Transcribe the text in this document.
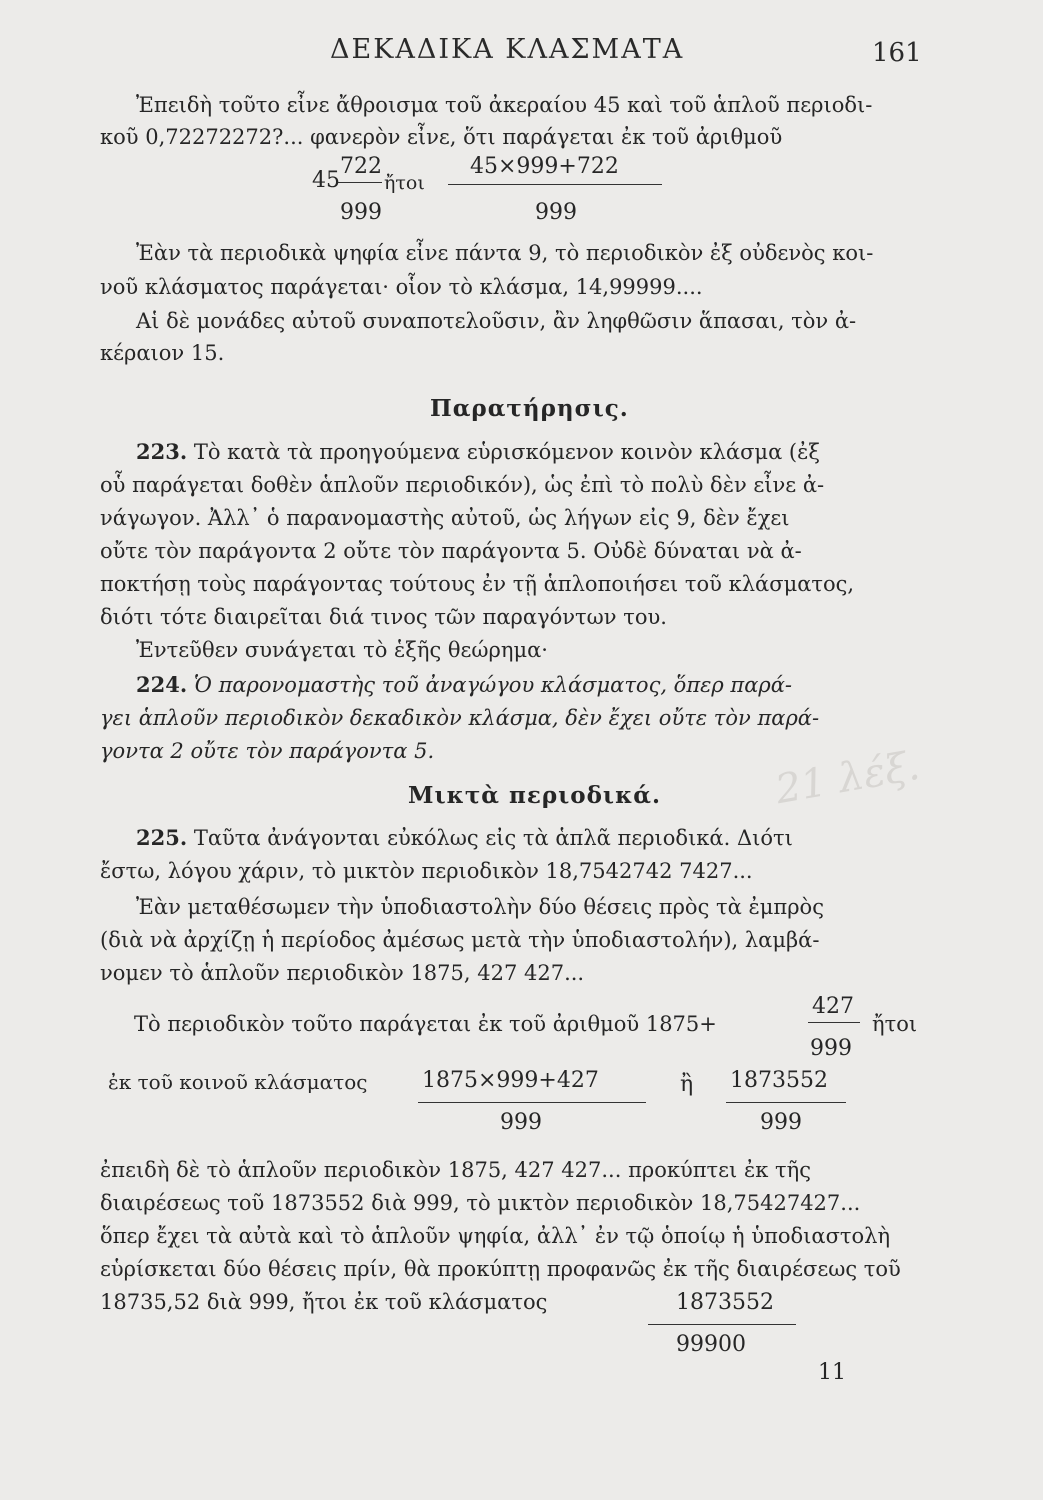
ΔΕΚΑΔΙΚΑ ΚΛΑΣΜΑΤΑ	161
Ἐπειδὴ τοῦτο εἶνε ἄθροισμα τοῦ ἀκεραίου 45 καὶ τοῦ ἁπλοῦ περιοδι-
κοῦ 0,72272272?... φανερὸν εἶνε, ὅτι παράγεται ἐκ τοῦ ἀριθμοῦ
45
722
999
ἤτοι
45×999+722
999
Ἐὰν τὰ περιοδικὰ ψηφία εἶνε πάντα 9, τὸ περιοδικὸν ἐξ οὐδενὸς κοι-
νοῦ κλάσματος παράγεται· οἷον τὸ κλάσμα, 14,99999....
Αἱ δὲ μονάδες αὐτοῦ συναποτελοῦσιν, ἂν ληφθῶσιν ἅπασαι, τὸν ἀ-
κέραιον 15.
Παρατήρησις.
223. Τὸ κατὰ τὰ προηγούμενα εὑρισκόμενον κοινὸν κλάσμα (ἐξ
οὗ παράγεται δοθὲν ἁπλοῦν περιοδικόν), ὡς ἐπὶ τὸ πολὺ δὲν εἶνε ἀ-
νάγωγον. Ἀλλ᾽ ὁ παρανομαστὴς αὐτοῦ, ὡς λήγων εἰς 9, δὲν ἔχει
οὔτε τὸν παράγοντα 2 οὔτε τὸν παράγοντα 5. Οὐδὲ δύναται νὰ ἀ-
ποκτήσῃ τοὺς παράγοντας τούτους ἐν τῇ ἁπλοποιήσει τοῦ κλάσματος,
διότι τότε διαιρεῖται διά τινος τῶν παραγόντων του.
Ἐντεῦθεν συνάγεται τὸ ἑξῆς θεώρημα·
224. Ὁ παρονομαστὴς τοῦ ἀναγώγου κλάσματος, ὅπερ παρά-
γει ἁπλοῦν περιοδικὸν δεκαδικὸν κλάσμα, δὲν ἔχει οὔτε τὸν παρά-
γοντα 2 οὔτε τὸν παράγοντα 5.	21 λέξ.
Μικτὰ περιοδικά.
225. Ταῦτα ἀνάγονται εὐκόλως εἰς τὰ ἁπλᾶ περιοδικά. Διότι
ἔστω, λόγου χάριν, τὸ μικτὸν περιοδικὸν 18,7542742 7427...
Ἐὰν μεταθέσωμεν τὴν ὑποδιαστολὴν δύο θέσεις πρὸς τὰ ἐμπρὸς
(διὰ νὰ ἀρχίζῃ ἡ περίοδος ἀμέσως μετὰ τὴν ὑποδιαστολήν), λαμβά-
νομεν τὸ ἁπλοῦν περιοδικὸν 1875, 427 427...
Τὸ περιοδικὸν τοῦτο παράγεται ἐκ τοῦ ἀριθμοῦ 1875+
427
999
ἤτοι
ἐκ τοῦ κοινοῦ κλάσματος 1875×999+427
999
ἢ 1873552
999
ἐπειδὴ δὲ τὸ ἁπλοῦν περιοδικὸν 1875, 427 427... προκύπτει ἐκ τῆς
διαιρέσεως τοῦ 1873552 διὰ 999, τὸ μικτὸν περιοδικὸν 18,75427427...
ὅπερ ἔχει τὰ αὐτὰ καὶ τὸ ἁπλοῦν ψηφία, ἀλλ᾽ ἐν τῷ ὁποίῳ ἡ ὑποδιαστολὴ
εὑρίσκεται δύο θέσεις πρίν, θὰ προκύπτῃ προφανῶς ἐκ τῆς διαιρέσεως τοῦ
18735,52 διὰ 999, ἤτοι ἐκ τοῦ κλάσματος	1873552
99900
11
